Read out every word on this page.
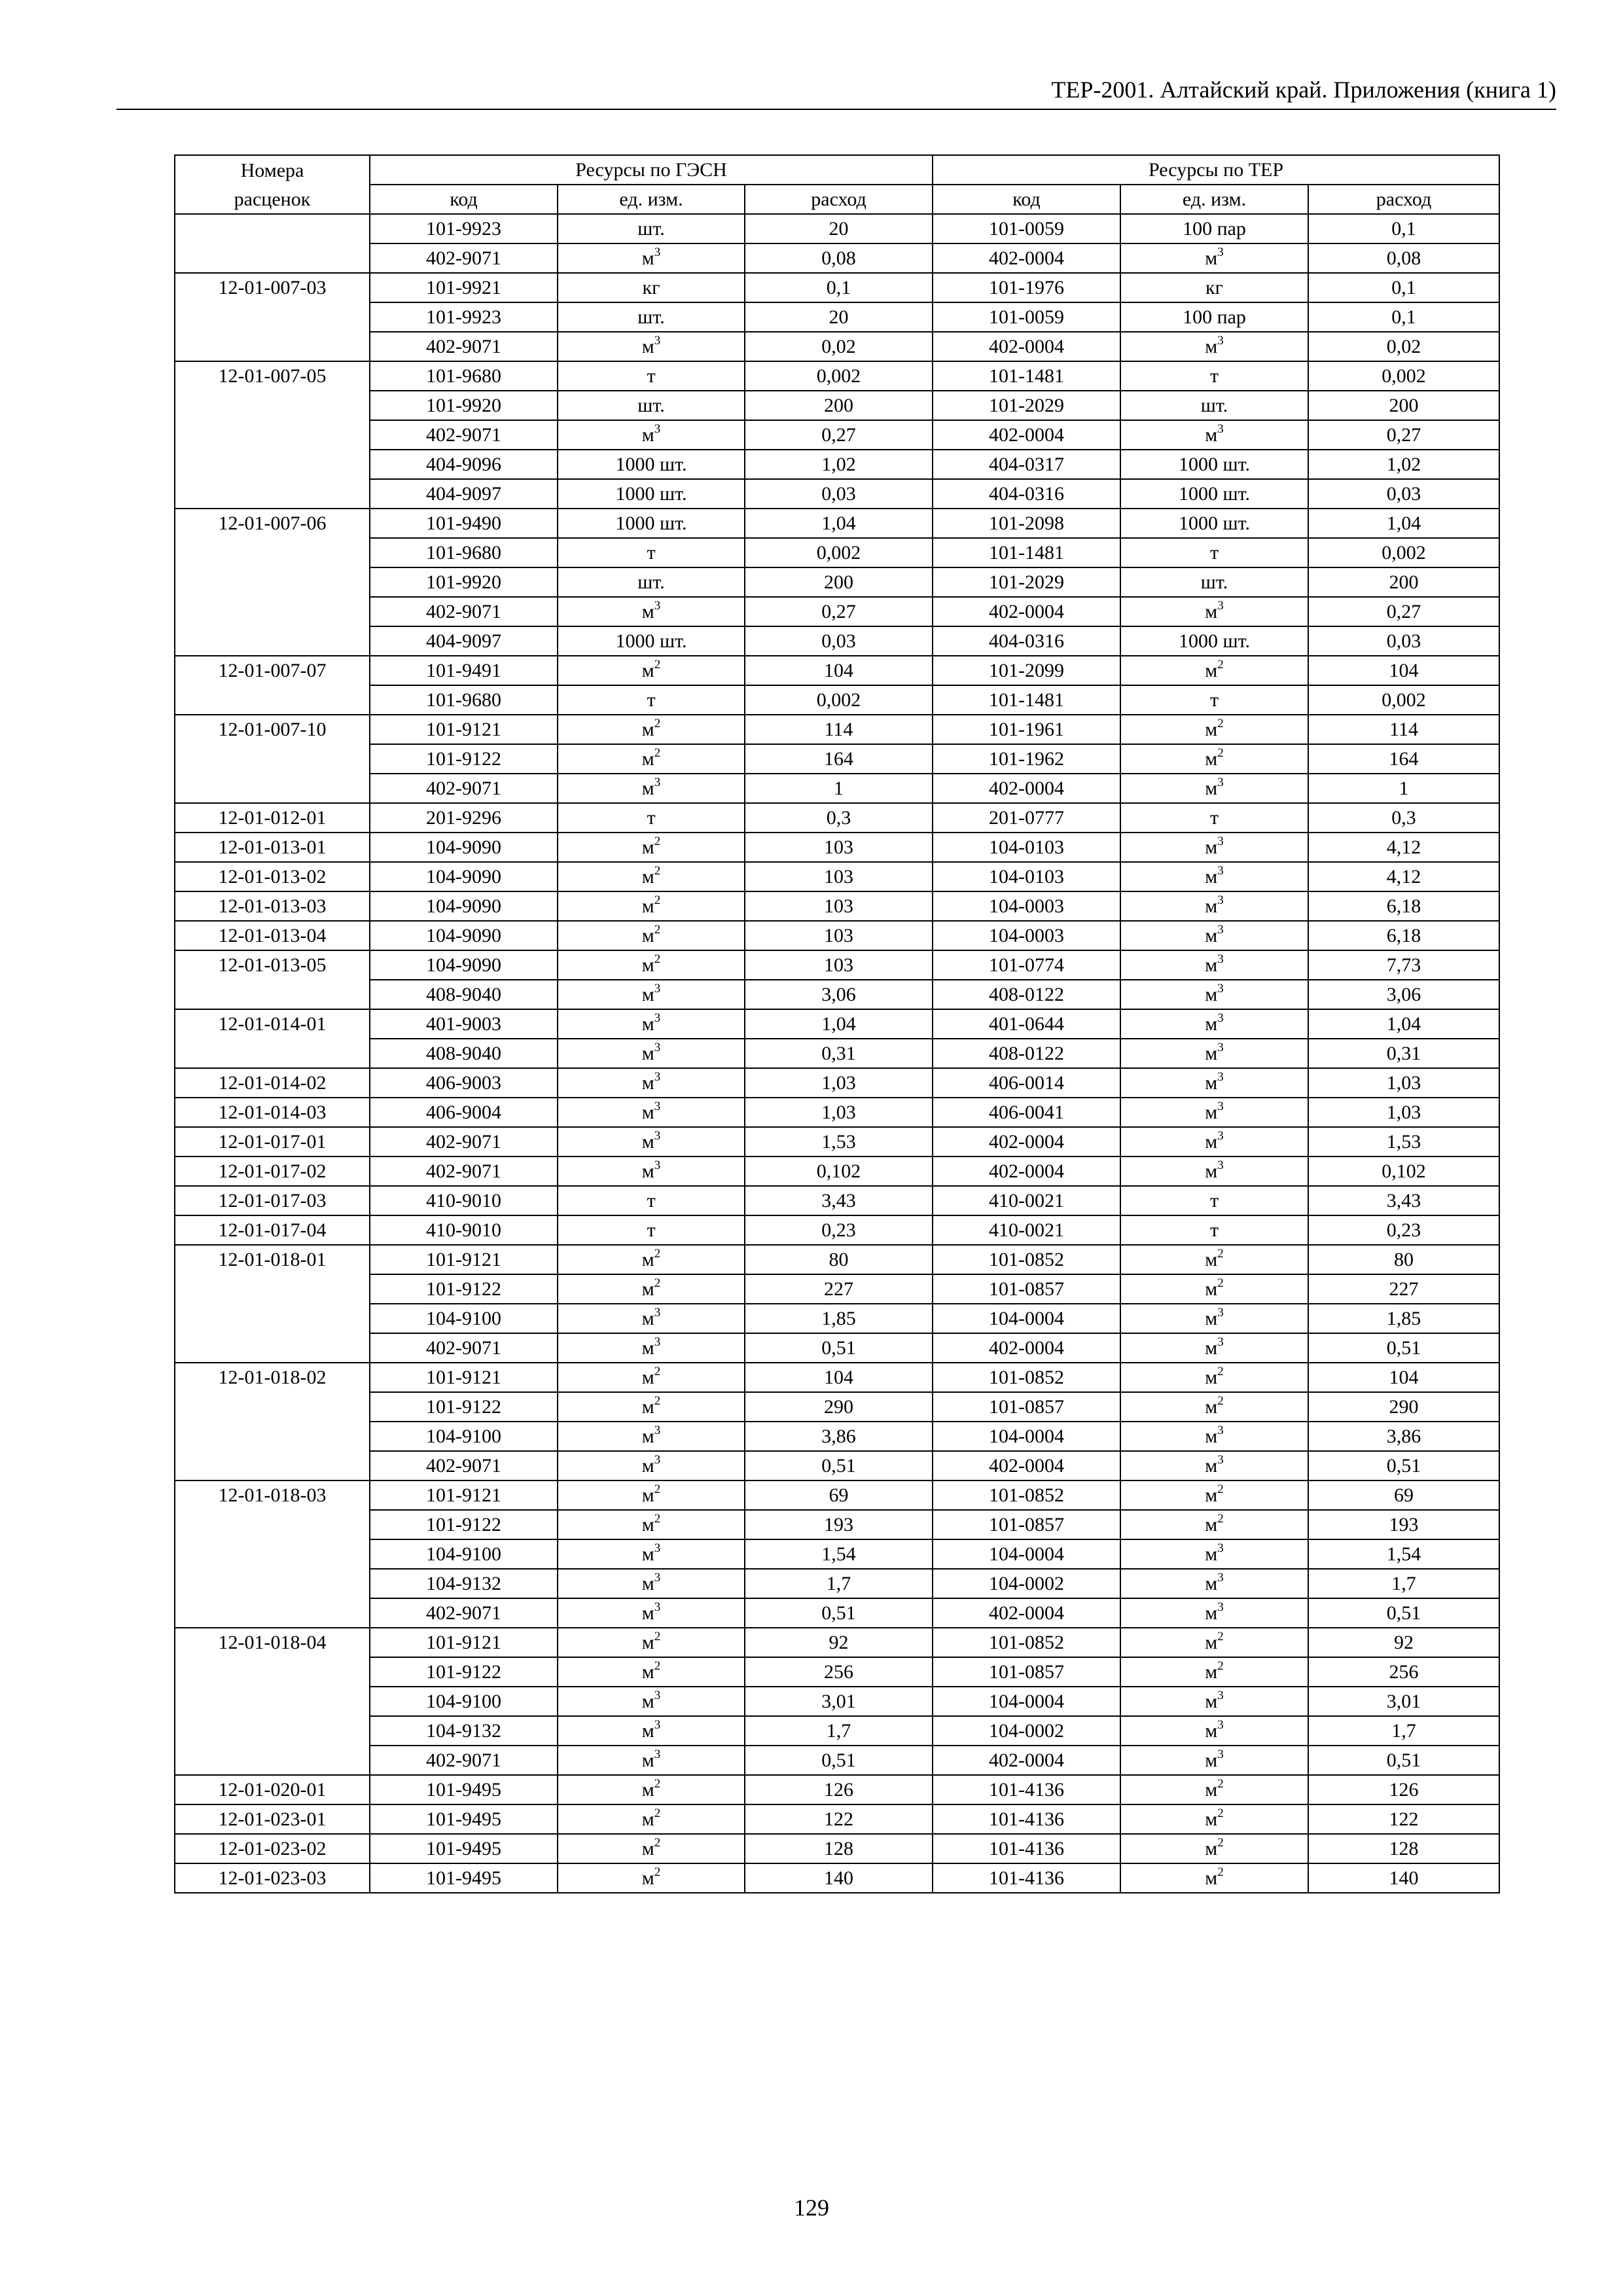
ТЕР-2001. Алтайский край. Приложения (книга 1)
Номера	Ресурсы по ГЭСН			Ресурсы по ТЕР		
расценок	код	ед. изм.	расход	код	ед. изм.	расход
	101-9923	шт.	20	101-0059	100 пар	0,1
	402-9071	$м^3$	0,08	402-0004	$м^3$	0,08
12-01-007-03	101-9921	кг	0,1	101-1976	кг	0,1
	101-9923	шт.	20	101-0059	100 пар	0,1
	402-9071	$м^3$	0,02	402-0004	$м^3$	0,02
12-01-007-05	101-9680	т	0,002	101-1481	т	0,002
	101-9920	шт.	200	101-2029	шт.	200
	402-9071	$м^3$	0,27	402-0004	$м^3$	0,27
	404-9096	1000 шт.	1,02	404-0317	1000 шт.	1,02
	404-9097	1000 шт.	0,03	404-0316	1000 шт.	0,03
12-01-007-06	101-9490	1000 шт.	1,04	101-2098	1000 шт.	1,04
	101-9680	т	0,002	101-1481	т	0,002
	101-9920	шт.	200	101-2029	шт.	200
	402-9071	$м^3$	0,27	402-0004	$м^3$	0,27
	404-9097	1000 шт.	0,03	404-0316	1000 шт.	0,03
12-01-007-07	101-9491	$м^2$	104	101-2099	$м^2$	104
	101-9680	т	0,002	101-1481	т	0,002
12-01-007-10	101-9121	$м^2$	114	101-1961	$м^2$	114
	101-9122	$м^2$	164	101-1962	$м^2$	164
	402-9071	$м^3$	1	402-0004	$м^3$	1
12-01-012-01	201-9296	т	0,3	201-0777	т	0,3
12-01-013-01	104-9090	$м^2$	103	104-0103	$м^3$	4,12
12-01-013-02	104-9090	$м^2$	103	104-0103	$м^3$	4,12
12-01-013-03	104-9090	$м^2$	103	104-0003	$м^3$	6,18
12-01-013-04	104-9090	$м^2$	103	104-0003	$м^3$	6,18
12-01-013-05	104-9090	$м^2$	103	101-0774	$м^3$	7,73
	408-9040	$м^3$	3,06	408-0122	$м^3$	3,06
12-01-014-01	401-9003	$м^3$	1,04	401-0644	$м^3$	1,04
	408-9040	$м^3$	0,31	408-0122	$м^3$	0,31
12-01-014-02	406-9003	$м^3$	1,03	406-0014	$м^3$	1,03
12-01-014-03	406-9004	$м^3$	1,03	406-0041	$м^3$	1,03
12-01-017-01	402-9071	$м^3$	1,53	402-0004	$м^3$	1,53
12-01-017-02	402-9071	$м^3$	0,102	402-0004	$м^3$	0,102
12-01-017-03	410-9010	т	3,43	410-0021	т	3,43
12-01-017-04	410-9010	т	0,23	410-0021	т	0,23
12-01-018-01	101-9121	$м^2$	80	101-0852	$м^2$	80
	101-9122	$м^2$	227	101-0857	$м^2$	227
	104-9100	$м^3$	1,85	104-0004	$м^3$	1,85
	402-9071	$м^3$	0,51	402-0004	$м^3$	0,51
12-01-018-02	101-9121	$м^2$	104	101-0852	$м^2$	104
	101-9122	$м^2$	290	101-0857	$м^2$	290
	104-9100	$м^3$	3,86	104-0004	$м^3$	3,86
	402-9071	$м^3$	0,51	402-0004	$м^3$	0,51
12-01-018-03	101-9121	$м^2$	69	101-0852	$м^2$	69
	101-9122	$м^2$	193	101-0857	$м^2$	193
	104-9100	$м^3$	1,54	104-0004	$м^3$	1,54
	104-9132	$м^3$	1,7	104-0002	$м^3$	1,7
	402-9071	$м^3$	0,51	402-0004	$м^3$	0,51
12-01-018-04	101-9121	$м^2$	92	101-0852	$м^2$	92
	101-9122	$м^2$	256	101-0857	$м^2$	256
	104-9100	$м^3$	3,01	104-0004	$м^3$	3,01
	104-9132	$м^3$	1,7	104-0002	$м^3$	1,7
	402-9071	$м^3$	0,51	402-0004	$м^3$	0,51
12-01-020-01	101-9495	$м^2$	126	101-4136	$м^2$	126
12-01-023-01	101-9495	$м^2$	122	101-4136	$м^2$	122
12-01-023-02	101-9495	$м^2$	128	101-4136	$м^2$	128
12-01-023-03	101-9495	$м^2$	140	101-4136	$м^2$	140
129
